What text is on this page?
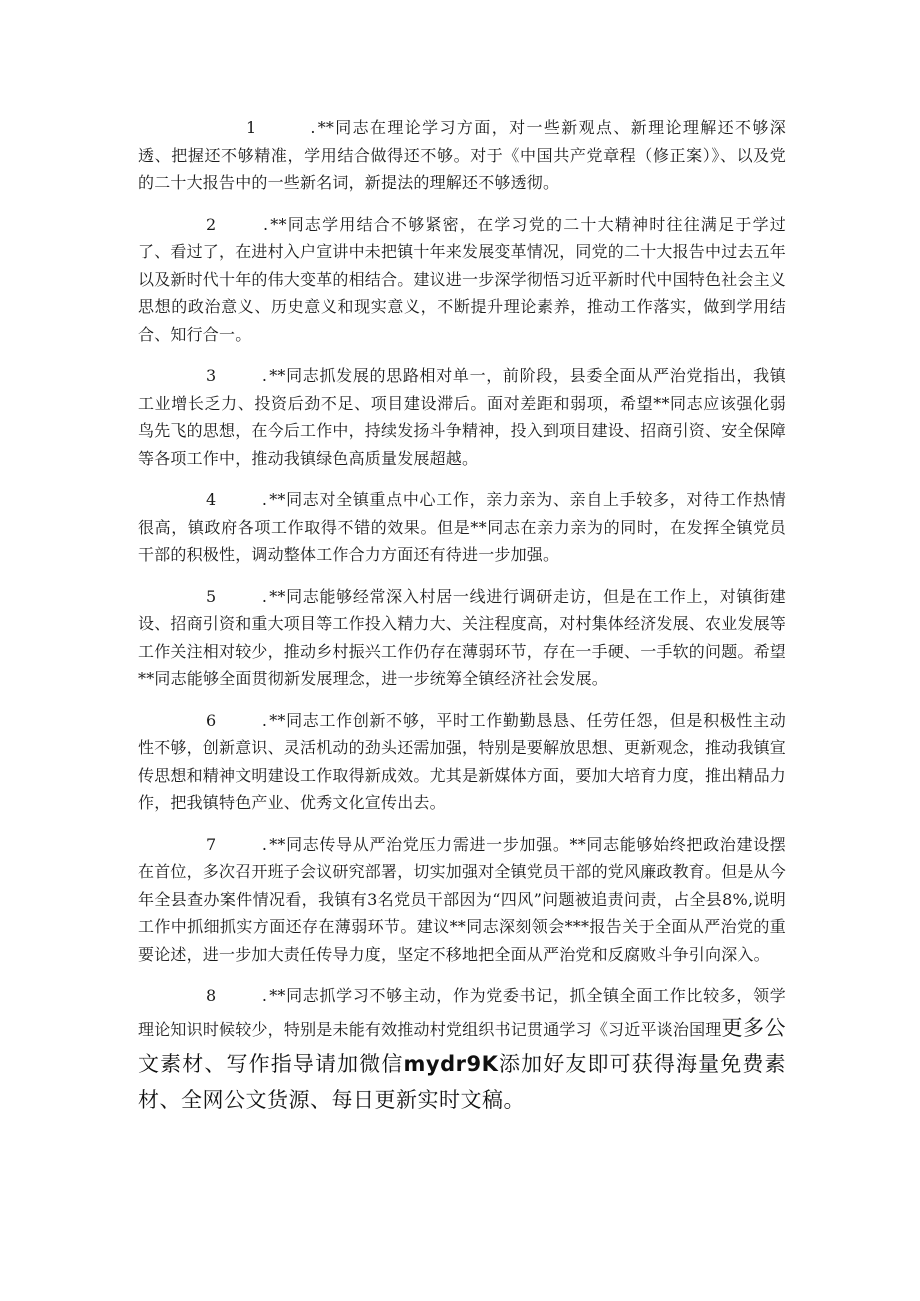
1	. **同志在理论学习方面，对一些新观点、新理论理解还不够深透、把握还不够精准，学用结合做得还不够。对于《中国共产党章程（修正案）》、以及党的二十大报告中的一些新名词，新提法的理解还不够透彻。

2	. **同志学用结合不够紧密，在学习党的二十大精神时往往满足于学过了、看过了，在进村入户宣讲中未把镇十年来发展变革情况，同党的二十大报告中过去五年以及新时代十年的伟大变革的相结合。建议进一步深学彻悟习近平新时代中国特色社会主义思想的政治意义、历史意义和现实意义，不断提升理论素养，推动工作落实，做到学用结合、知行合一。

3	. **同志抓发展的思路相对单一，前阶段，县委全面从严治党指出，我镇工业增长乏力、投资后劲不足、项目建设滞后。面对差距和弱项，希望**同志应该强化弱鸟先飞的思想，在今后工作中，持续发扬斗争精神，投入到项目建设、招商引资、安全保障等各项工作中，推动我镇绿色高质量发展超越。

4	. **同志对全镇重点中心工作，亲力亲为、亲自上手较多，对待工作热情很高，镇政府各项工作取得不错的效果。但是**同志在亲力亲为的同时，在发挥全镇党员干部的积极性，调动整体工作合力方面还有待进一步加强。

5	. **同志能够经常深入村居一线进行调研走访，但是在工作上，对镇街建设、招商引资和重大项目等工作投入精力大、关注程度高，对村集体经济发展、农业发展等工作关注相对较少，推动乡村振兴工作仍存在薄弱环节，存在一手硬、一手软的问题。希望**同志能够全面贯彻新发展理念，进一步统筹全镇经济社会发展。

6	. **同志工作创新不够，平时工作勤勤恳恳、任劳任怨，但是积极性主动性不够，创新意识、灵活机动的劲头还需加强，特别是要解放思想、更新观念，推动我镇宣传思想和精神文明建设工作取得新成效。尤其是新媒体方面，要加大培育力度，推出精品力作，把我镇特色产业、优秀文化宣传出去。

7	. **同志传导从严治党压力需进一步加强。**同志能够始终把政治建设摆在首位，多次召开班子会议研究部署，切实加强对全镇党员干部的党风廉政教育。但是从今年全县查办案件情况看，我镇有3名党员干部因为“四风”问题被追责问责，占全县8%,说明工作中抓细抓实方面还存在薄弱环节。建议**同志深刻领会***报告关于全面从严治党的重要论述，进一步加大责任传导力度，坚定不移地把全面从严治党和反腐败斗争引向深入。

8	. **同志抓学习不够主动，作为党委书记，抓全镇全面工作比较多，领学理论知识时候较少，特别是未能有效推动村党组织书记贯通学习《习近平谈治国理更多公文素材、写作指导请加微信mydr9K添加好友即可获得海量免费素材、全网公文货源、每日更新实时文稿。
